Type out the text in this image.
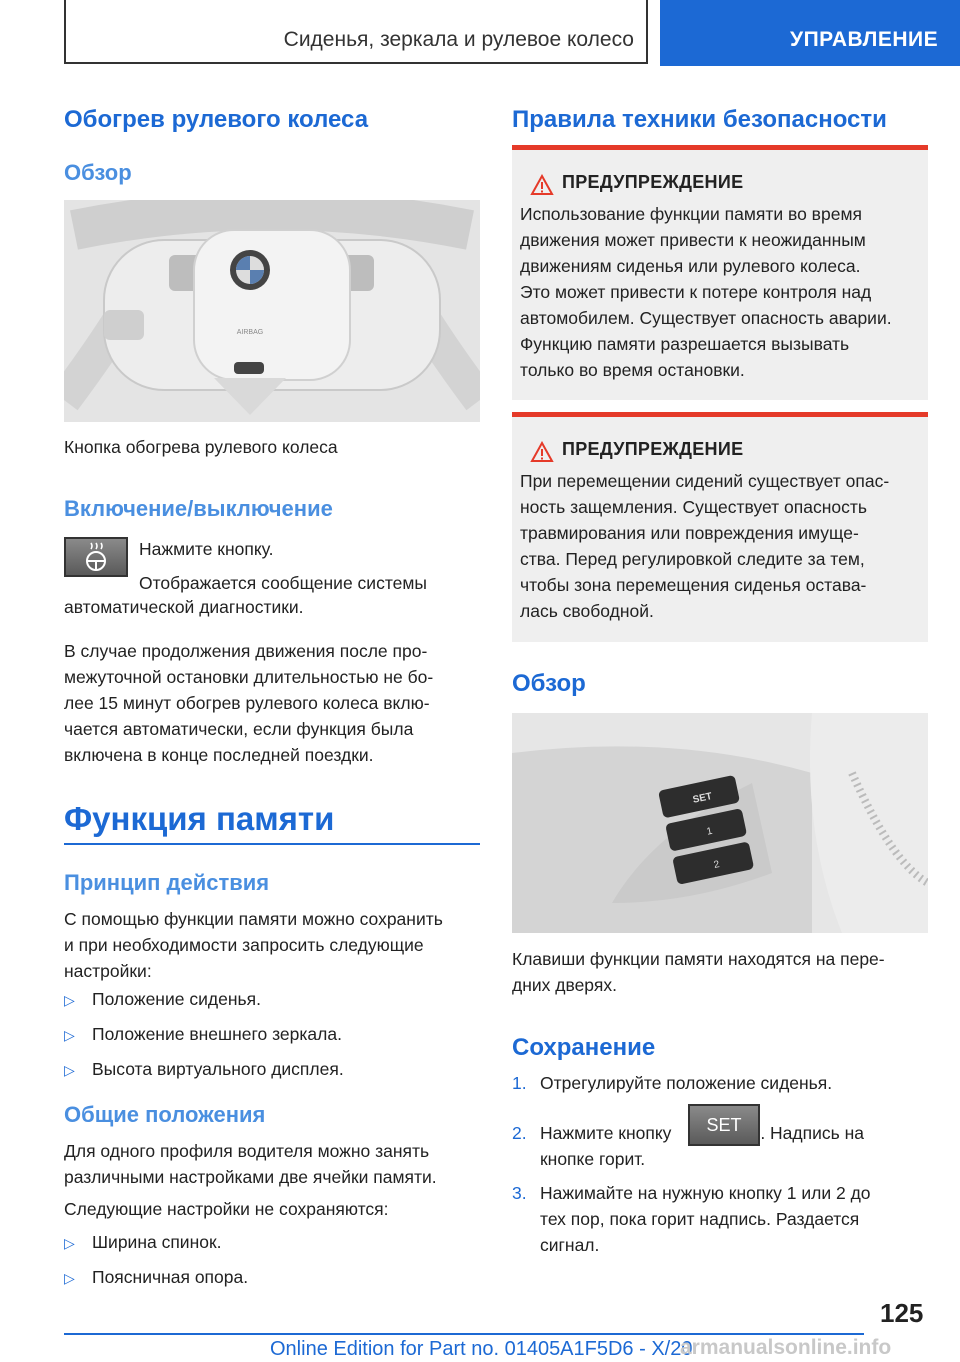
Сиденья, зеркала и рулевое колесо	УПРАВЛЕНИЕ
Обогрев рулевого колеса
Обзор
AIRBAG
Кнопка обогрева рулевого колеса
Включение/выключение
Нажмите кнопку.
Отображается сообщение системы
автоматической диагностики.
В случае продолжения движения после про-
межуточной остановки длительностью не бо-
лее 15 минут обогрев рулевого колеса вклю-
чается автоматически, если функция была
включена в конце последней поездки.
Функция памяти
Принцип действия
С помощью функции памяти можно сохранить
и при необходимости запросить следующие
настройки:
▷ Положение сиденья.
▷ Положение внешнего зеркала.
▷ Высота виртуального дисплея.
Общие положения
Для одного профиля водителя можно занять
различными настройками две ячейки памяти.
Следующие настройки не сохраняются:
▷ Ширина спинок.
▷ Поясничная опора.
Правила техники безопасности
ПРЕДУПРЕЖДЕНИЕ
Использование функции памяти во время
движения может привести к неожиданным
движениям сиденья или рулевого колеса.
Это может привести к потере контроля над
автомобилем. Существует опасность аварии.
Функцию памяти разрешается вызывать
только во время остановки.
ПРЕДУПРЕЖДЕНИЕ
При перемещении сидений существует опас-
ность защемления. Существует опасность
травмирования или повреждения имуще-
ства. Перед регулировкой следите за тем,
чтобы зона перемещения сиденья остава-
лась свободной.
Обзор
SET
1
2
Клавиши функции памяти находятся на пере-
дних дверях.
Сохранение
1. Отрегулируйте положение сиденья.
2. Нажмите кнопку	. Надпись на
кнопке горит.
SET
3. Нажимайте на нужную кнопку 1 или 2 до
тех пор, пока горит надпись. Раздается
сигнал.
125
Online Edition for Part no. 01405A1F5D6 - X/20
armanualsonline.info
